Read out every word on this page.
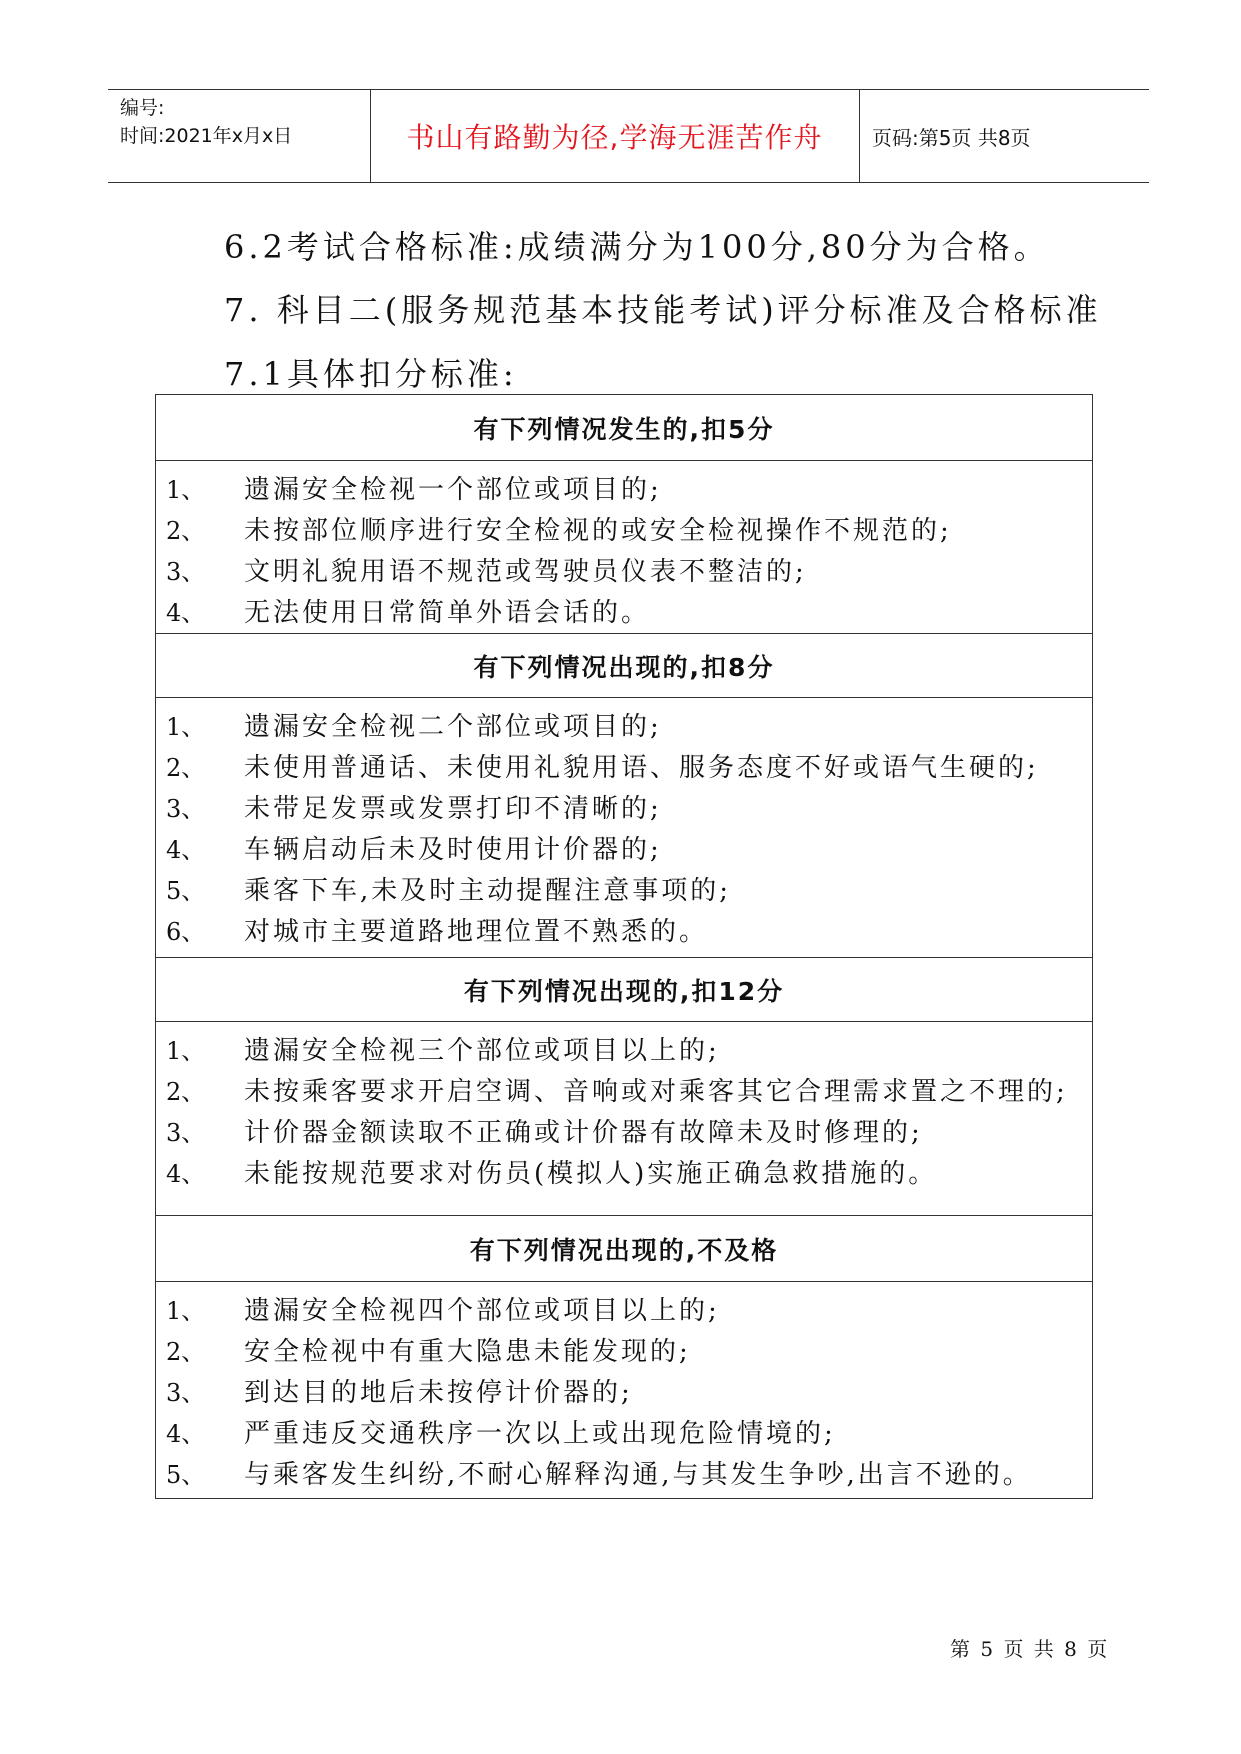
编号:
时间:2021年x月x日	书山有路勤为径,学海无涯苦作舟	页码:第5页 共8页
6.2考试合格标准:成绩满分为100分,80分为合格。
7. 科目二(服务规范基本技能考试)评分标准及合格标准
7.1具体扣分标准:
有下列情况发生的,扣5分
1、	遗漏安全检视一个部位或项目的;
2、	未按部位顺序进行安全检视的或安全检视操作不规范的;
3、	文明礼貌用语不规范或驾驶员仪表不整洁的;
4、	无法使用日常简单外语会话的。
有下列情况出现的,扣8分
1、	遗漏安全检视二个部位或项目的;
2、	未使用普通话、未使用礼貌用语、服务态度不好或语气生硬的;
3、	未带足发票或发票打印不清晰的;
4、	车辆启动后未及时使用计价器的;
5、	乘客下车,未及时主动提醒注意事项的;
6、	对城市主要道路地理位置不熟悉的。
有下列情况出现的,扣12分
1、	遗漏安全检视三个部位或项目以上的;
2、	未按乘客要求开启空调、音响或对乘客其它合理需求置之不理的;
3、	计价器金额读取不正确或计价器有故障未及时修理的;
4、	未能按规范要求对伤员(模拟人)实施正确急救措施的。
有下列情况出现的,不及格
1、	遗漏安全检视四个部位或项目以上的;
2、	安全检视中有重大隐患未能发现的;
3、	到达目的地后未按停计价器的;
4、	严重违反交通秩序一次以上或出现危险情境的;
5、	与乘客发生纠纷,不耐心解释沟通,与其发生争吵,出言不逊的。
第 5 页 共 8 页
